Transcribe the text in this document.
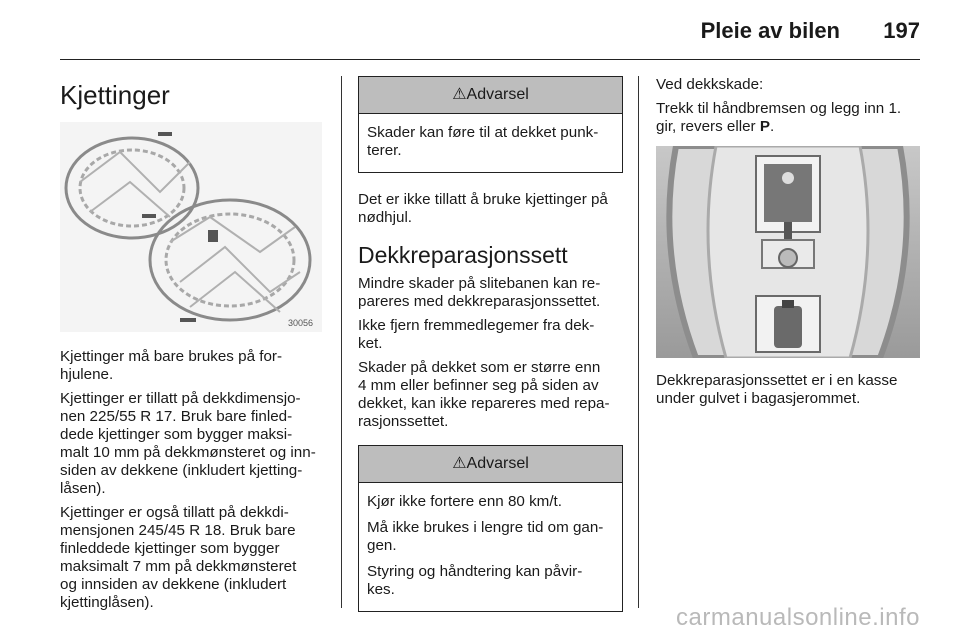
Pleie av bilen 197
Kjettinger
30056

Kjettinger må bare brukes på for-

hjulene.

Kjettinger er tillatt på dekkdimensjo-

nen 225/55 R 17. Bruk bare finled-

dede kjettinger som bygger maksi-

malt 10 mm på dekkmønsteret og inn-

siden av dekkene (inkludert kjetting-

låsen).

Kjettinger er også tillatt på dekkdi-

mensjonen 245/45 R 18. Bruk bare

finleddede kjettinger som bygger

maksimalt 7 mm på dekkmønsteret

og innsiden av dekkene (inkludert

kjettinglåsen).

⚠Advarsel

Skader kan føre til at dekket punk-

terer.

Det er ikke tillatt å bruke kjettinger på

nødhjul.

Dekkreparasjonssett

Mindre skader på slitebanen kan re-

pareres med dekkreparasjonssettet.

Ikke fjern fremmedlegemer fra dek-

ket.

Skader på dekket som er større enn

4 mm eller befinner seg på siden av

dekket, kan ikke repareres med repa-

rasjonssettet.

⚠Advarsel

Kjør ikke fortere enn 80 km/t.

Må ikke brukes i lengre tid om gan-

gen.

Styring og håndtering kan påvir-

kes.

Ved dekkskade:

Trekk til håndbremsen og legg inn 1.

gir, revers eller P.

Dekkreparasjonssettet er i en kasse

under gulvet i bagasjerommet.

carmanualsonline.info
